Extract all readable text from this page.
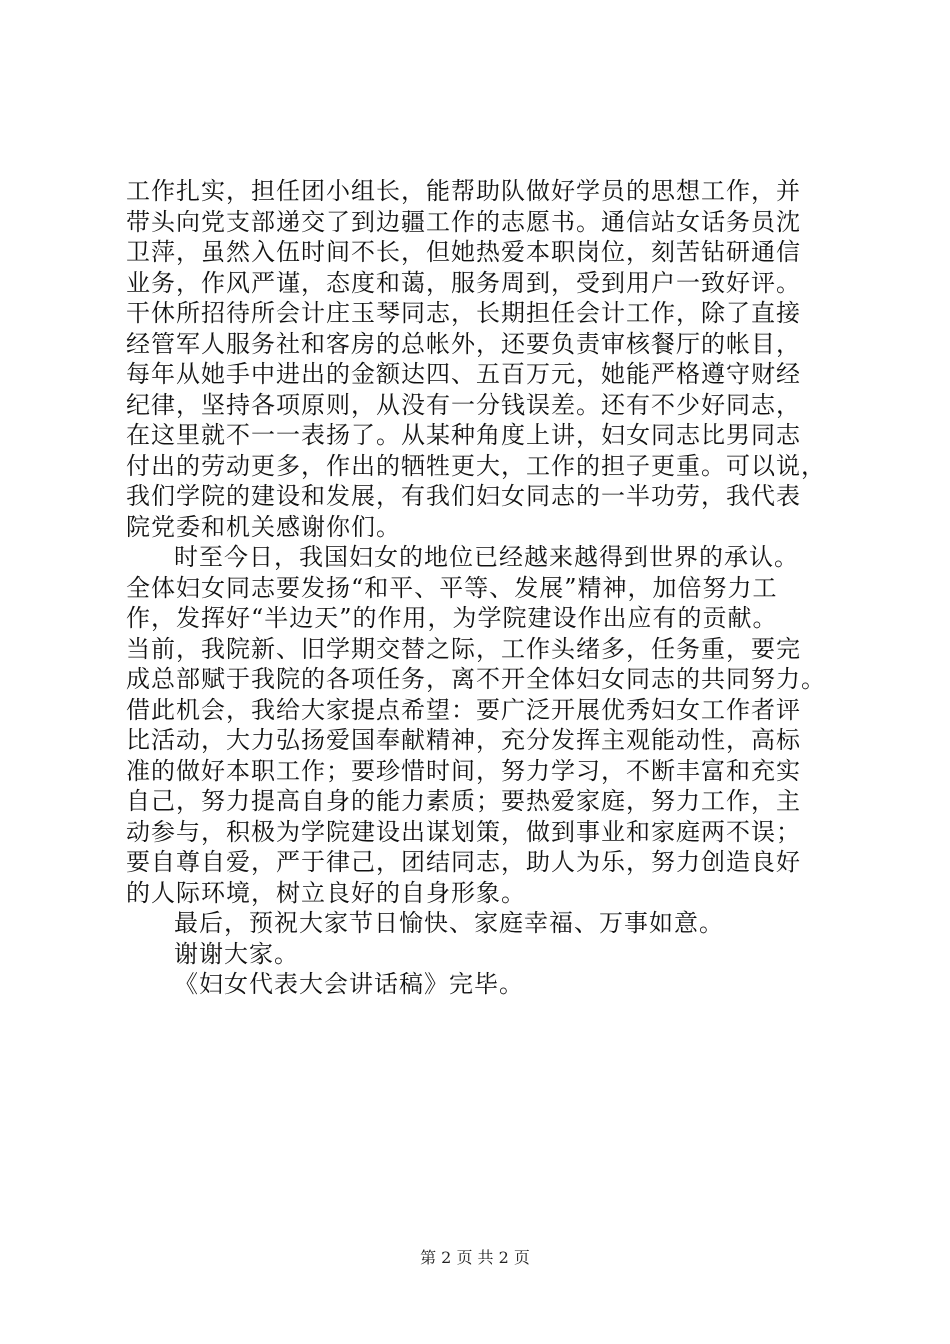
工作扎实，担任团小组长，能帮助队做好学员的思想工作，并
带头向党支部递交了到边疆工作的志愿书。通信站女话务员沈
卫萍，虽然入伍时间不长，但她热爱本职岗位，刻苦钻研通信
业务，作风严谨，态度和蔼，服务周到，受到用户一致好评。
干休所招待所会计庄玉琴同志，长期担任会计工作，除了直接
经管军人服务社和客房的总帐外，还要负责审核餐厅的帐目，
每年从她手中进出的金额达四、五百万元，她能严格遵守财经
纪律，坚持各项原则，从没有一分钱误差。还有不少好同志，
在这里就不一一表扬了。从某种角度上讲，妇女同志比男同志
付出的劳动更多，作出的牺牲更大，工作的担子更重。可以说，
我们学院的建设和发展，有我们妇女同志的一半功劳，我代表
院党委和机关感谢你们。
时至今日，我国妇女的地位已经越来越得到世界的承认。
全体妇女同志要发扬“和平、平等、发展”精神，加倍努力工
作，发挥好“半边天”的作用，为学院建设作出应有的贡献。
当前，我院新、旧学期交替之际，工作头绪多，任务重，要完
成总部赋于我院的各项任务，离不开全体妇女同志的共同努力。
借此机会，我给大家提点希望：要广泛开展优秀妇女工作者评
比活动，大力弘扬爱国奉献精神，充分发挥主观能动性，高标
准的做好本职工作；要珍惜时间，努力学习，不断丰富和充实
自己，努力提高自身的能力素质；要热爱家庭，努力工作，主
动参与，积极为学院建设出谋划策，做到事业和家庭两不误；
要自尊自爱，严于律己，团结同志，助人为乐，努力创造良好
的人际环境，树立良好的自身形象。
最后，预祝大家节日愉快、家庭幸福、万事如意。
谢谢大家。
《妇女代表大会讲话稿》完毕。
第 2 页 共 2 页
